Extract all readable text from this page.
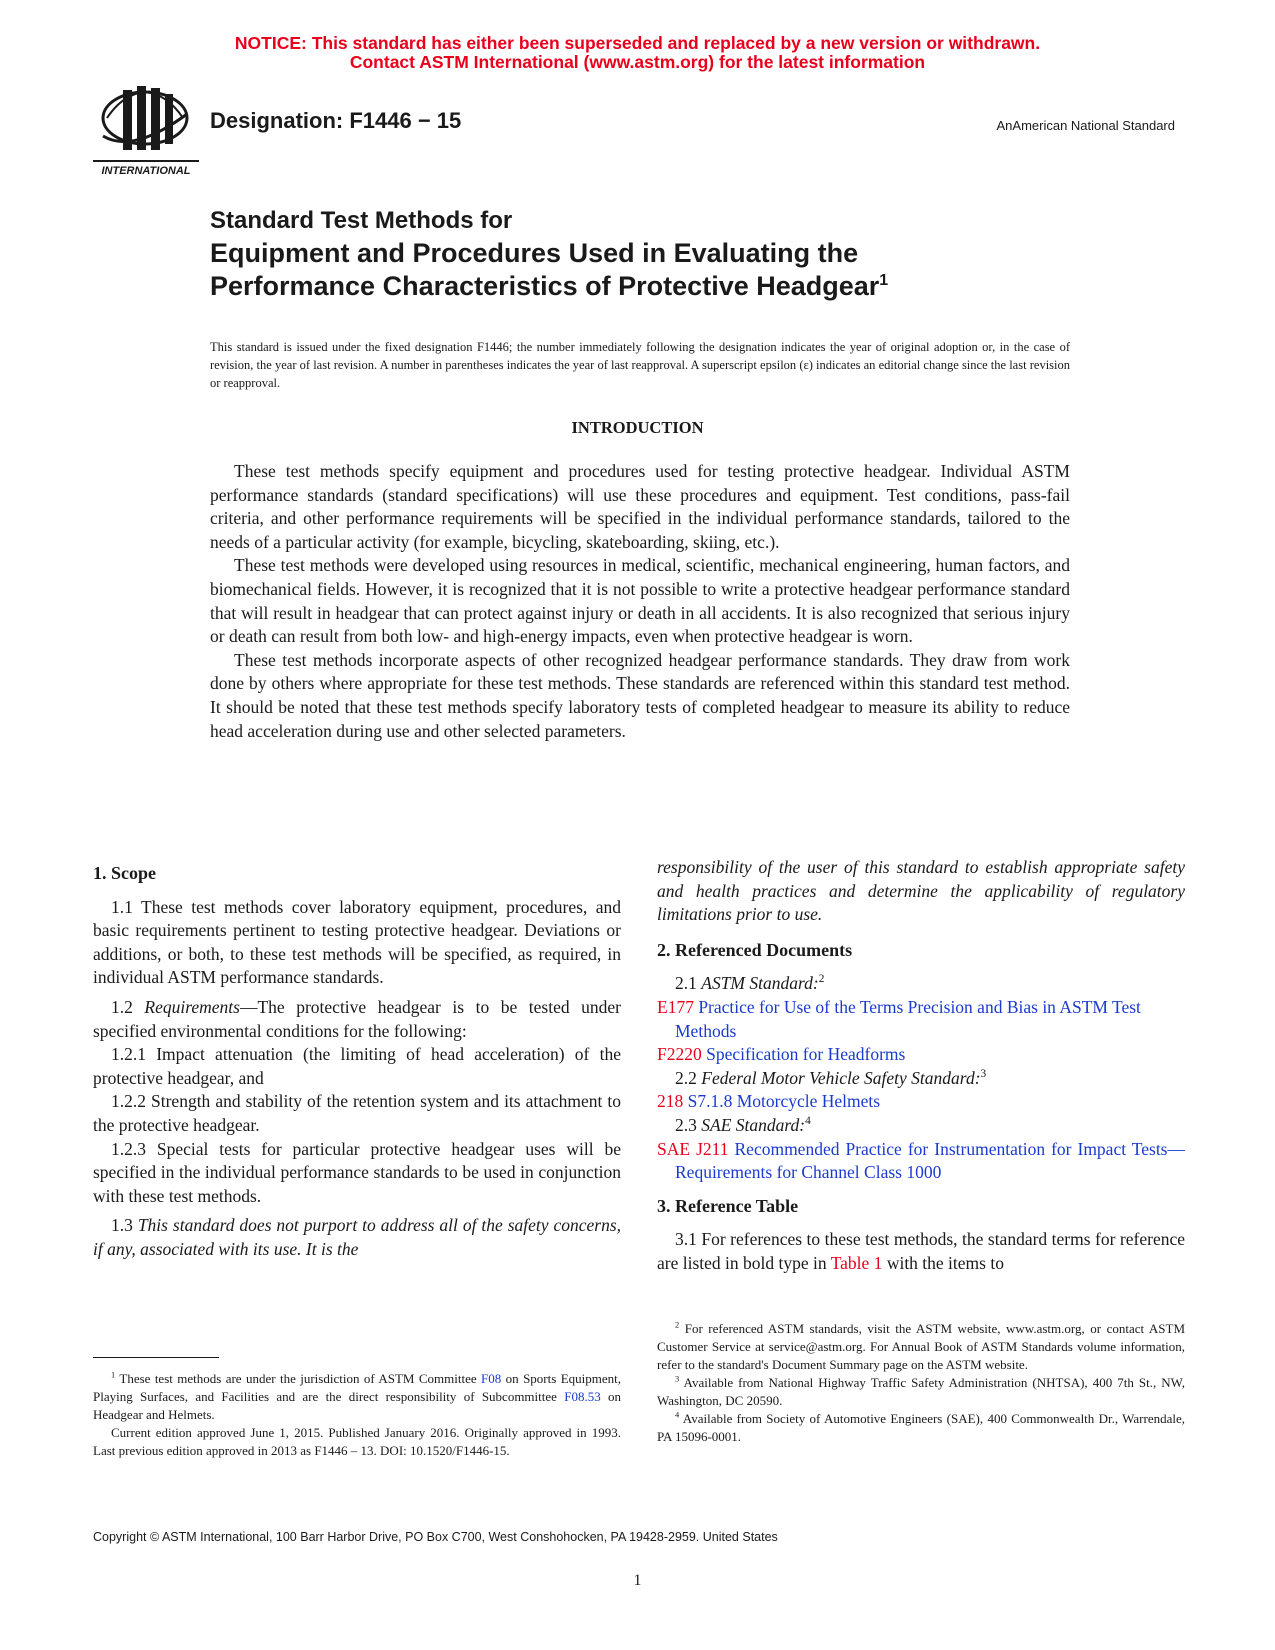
NOTICE: This standard has either been superseded and replaced by a new version or withdrawn.
Contact ASTM International (www.astm.org) for the latest information
INTERNATIONAL
Designation: F1446 − 15	AnAmerican National Standard
Standard Test Methods for
Equipment and Procedures Used in Evaluating the
Performance Characteristics of Protective Headgear$^1$
This standard is issued under the fixed designation F1446; the number immediately following the designation indicates the year of original adoption or, in the case of revision, the year of last revision. A number in parentheses indicates the year of last reapproval. A superscript epsilon (ε) indicates an editorial change since the last revision or reapproval.
INTRODUCTION

These test methods specify equipment and procedures used for testing protective headgear. Individual ASTM performance standards (standard specifications) will use these procedures and equipment. Test conditions, pass-fail criteria, and other performance requirements will be specified in the individual performance standards, tailored to the needs of a particular activity (for example, bicycling, skateboarding, skiing, etc.).

These test methods were developed using resources in medical, scientific, mechanical engineering, human factors, and biomechanical fields. However, it is recognized that it is not possible to write a protective headgear performance standard that will result in headgear that can protect against injury or death in all accidents. It is also recognized that serious injury or death can result from both low- and high-energy impacts, even when protective headgear is worn.

These test methods incorporate aspects of other recognized headgear performance standards. They draw from work done by others where appropriate for these test methods. These standards are referenced within this standard test method. It should be noted that these test methods specify laboratory tests of completed headgear to measure its ability to reduce head acceleration during use and other selected parameters.

1. Scope

1.1 These test methods cover laboratory equipment, procedures, and basic requirements pertinent to testing protective headgear. Deviations or additions, or both, to these test methods will be specified, as required, in individual ASTM performance standards.

1.2 Requirements—The protective headgear is to be tested under specified environmental conditions for the following:

1.2.1 Impact attenuation (the limiting of head acceleration) of the protective headgear, and

1.2.2 Strength and stability of the retention system and its attachment to the protective headgear.

1.2.3 Special tests for particular protective headgear uses will be specified in the individual performance standards to be used in conjunction with these test methods.

1.3 This standard does not purport to address all of the safety concerns, if any, associated with its use. It is the

$^1$ These test methods are under the jurisdiction of ASTM Committee F08 on Sports Equipment, Playing Surfaces, and Facilities and are the direct responsibility of Subcommittee F08.53 on Headgear and Helmets.

Current edition approved June 1, 2015. Published January 2016. Originally approved in 1993. Last previous edition approved in 2013 as F1446 – 13. DOI: 10.1520/F1446-15.

responsibility of the user of this standard to establish appropriate safety and health practices and determine the applicability of regulatory limitations prior to use.

2. Referenced Documents

2.1 ASTM Standard:$^2$

E177 Practice for Use of the Terms Precision and Bias in ASTM Test Methods

F2220 Specification for Headforms

2.2 Federal Motor Vehicle Safety Standard:$^3$

218 S7.1.8 Motorcycle Helmets

2.3 SAE Standard:$^4$

SAE J211 Recommended Practice for Instrumentation for Impact Tests—Requirements for Channel Class 1000

3. Reference Table

3.1 For references to these test methods, the standard terms for reference are listed in bold type in Table 1 with the items to

$^2$ For referenced ASTM standards, visit the ASTM website, www.astm.org, or contact ASTM Customer Service at service@astm.org. For Annual Book of ASTM Standards volume information, refer to the standard's Document Summary page on the ASTM website.

$^3$ Available from National Highway Traffic Safety Administration (NHTSA), 400 7th St., NW, Washington, DC 20590.

$^4$ Available from Society of Automotive Engineers (SAE), 400 Commonwealth Dr., Warrendale, PA 15096-0001.

Copyright © ASTM International, 100 Barr Harbor Drive, PO Box C700, West Conshohocken, PA 19428-2959. United States
1
